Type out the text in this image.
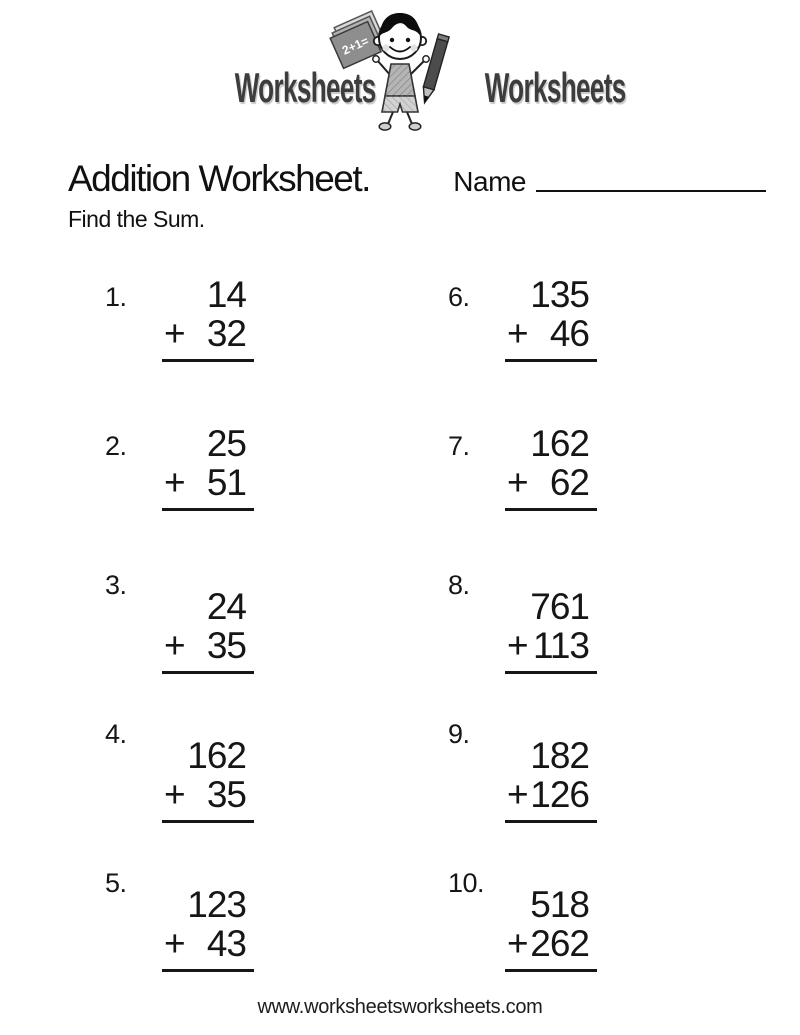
Worksheets
2+1=
Worksheets
Addition Worksheet.	Name

Find the Sum.

1.	14
+ 32
2.	25
+ 51
3.
24
+ 35
4.
162
+ 35
5.
123
+ 43
6.	135
+ 46
7.	162
+ 62
8.
761
+ 113
9.
182
+ 126
10.
518
+ 262
www.worksheetsworksheets.com
